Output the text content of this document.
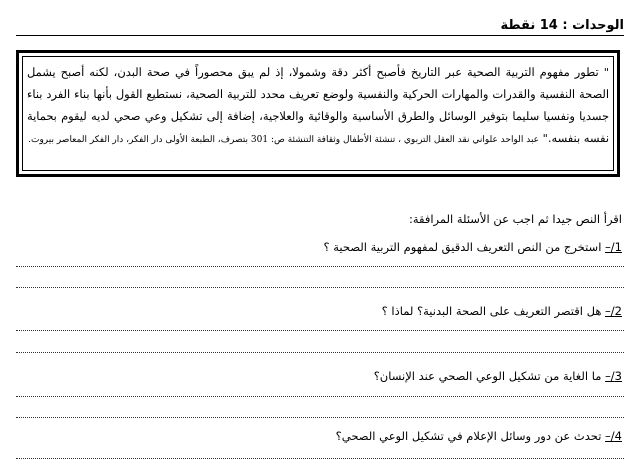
الوحدات : 14 نقطة
" تطور مفهوم التربية الصحية عبر التاريخ فأصبح أكثر دقة وشمولا، إذ لم يبق محصوراً في صحة البدن، لكنه أصبح يشمل الصحة النفسية والقدرات والمهارات الحركية والنفسية ولوضع تعريف محدد للتربية الصحية، نستطيع القول بأنها بناء الفرد بناء جسديا ونفسيا سليما بتوفير الوسائل والطرق الأساسية والوقائية والعلاجية، إضافة إلى تشكيل وعي صحي لديه ليقوم بحماية نفسه بنفسه." عبد الواحد علواني نقد العقل التربوي ، تنشئة الأطفال وثقافة التنشئة ص: 301 بتصرف، الطبعة الأولى دار الفكر، دار الفكر المعاصر بيروت.
اقرأ النص جيدا ثم اجب عن الأسئلة المرافقة:
1/– استخرج من النص التعريف الدقيق لمفهوم التربية الصحية ؟
2/– هل اقتصر التعريف على الصحة البدنية؟ لماذا ؟
3/– ما الغاية من تشكيل الوعي الصحي عند الإنسان؟
4/– تحدث عن دور وسائل الإعلام في تشكيل الوعي الصحي؟
